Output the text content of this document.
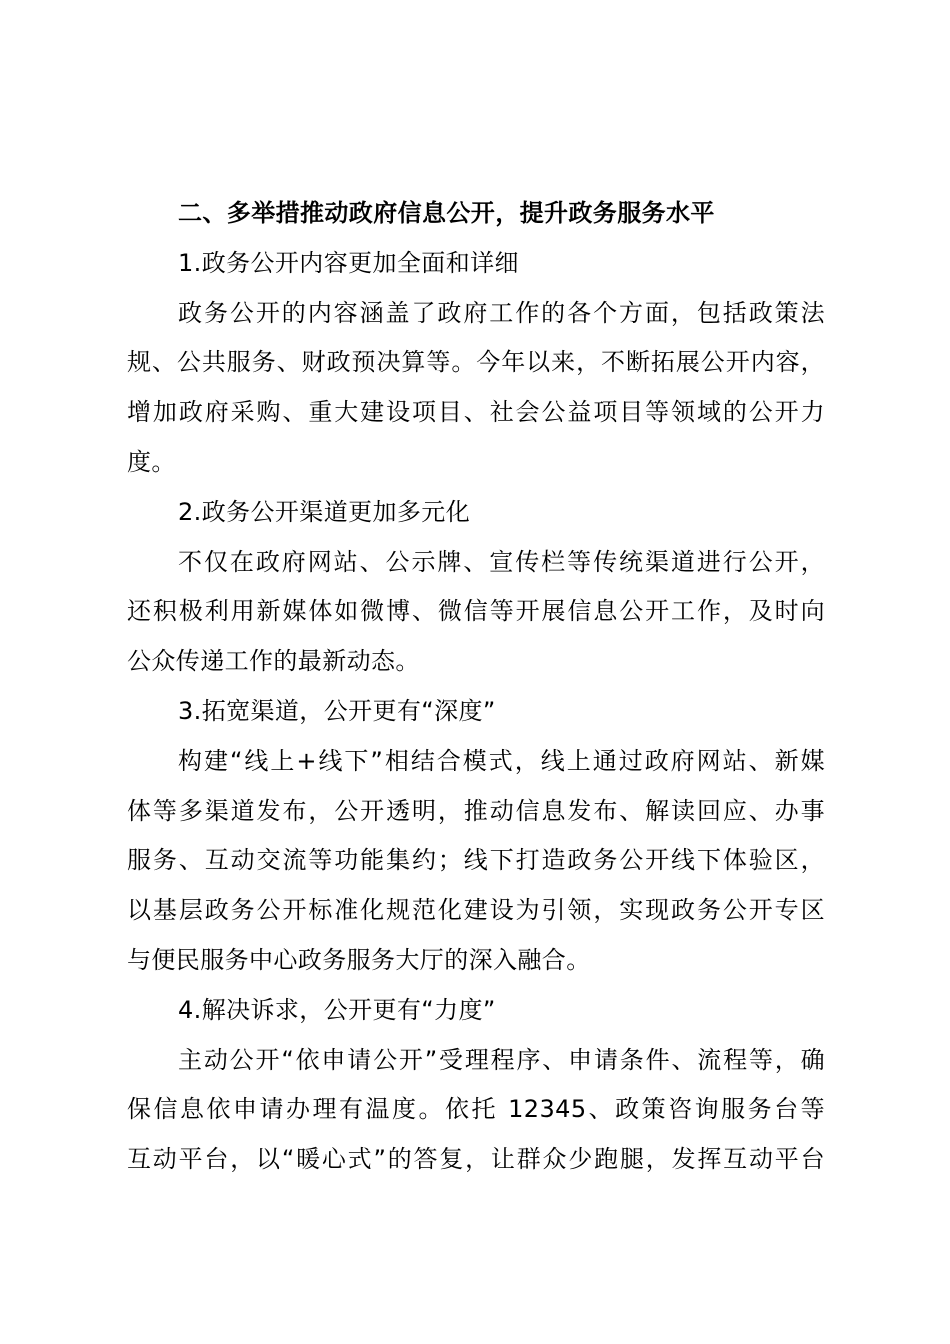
二、多举措推动政府信息公开，提升政务服务水平
1.政务公开内容更加全面和详细
政务公开的内容涵盖了政府工作的各个方面，包括政策法
规、公共服务、财政预决算等。今年以来，不断拓展公开内容，
增加政府采购、重大建设项目、社会公益项目等领域的公开力
度。
2.政务公开渠道更加多元化
不仅在政府网站、公示牌、宣传栏等传统渠道进行公开，
还积极利用新媒体如微博、微信等开展信息公开工作，及时向
公众传递工作的最新动态。
3.拓宽渠道，公开更有“深度”
构建“线上+线下”相结合模式，线上通过政府网站、新媒
体等多渠道发布，公开透明，推动信息发布、解读回应、办事
服务、互动交流等功能集约；线下打造政务公开线下体验区，
以基层政务公开标准化规范化建设为引领，实现政务公开专区
与便民服务中心政务服务大厅的深入融合。
4.解决诉求，公开更有“力度”
主动公开“依申请公开”受理程序、申请条件、流程等，确
保信息依申请办理有温度。依托 12345、政策咨询服务台等
互动平台，以“暖心式”的答复，让群众少跑腿，发挥互动平台
